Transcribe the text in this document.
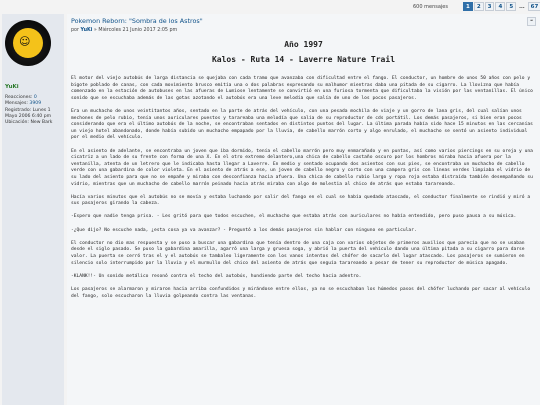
600 mensajes	1	2	3	4	5	…	67
☺
YuKi
Reacciones: 0
Mensajes: 3909
Registrado: Lunes 1 Mayo 2006 6:40 pm
Ubicación: New Bark
Pokemon Reborn: "Sombra de los Astros"	❝
por YuKi » Miércoles 21 Junio 2017 2:05 pm
Año 1997
Kalos - Ruta 14 - Laverre Nature Trail

El motor del viejo autobús de larga distancia se quejaba con cada tramo que avanzaba con dificultad entre el fango. El conductor, un hombre de unos 50 años con pelo y bigote poblado de canas, con cada movimiento brusco emitía una o dos palabras expresando su malhumor mientras daba una pitada de su cigarro. La llovizna que había comenzado en la estación de autobuses en las afueras de Lumiose lentamente se convirtió en una furiosa tormenta que dificultaba la visión por las ventanillas. El único sonido que se escuchaba además de las gotas azotando el autobús era una leve melodía que salía de uno de los pocos pasajeros.

Era un muchacho de unos veintitantos años, sentado en la parte de atrás del vehículo, con una pesada mochila de viaje y un gorro de lana gris, del cual salían unos mechones de pelo rubio, tenía unos auriculares puestos y tarareaba una melodía que salía de su reproductor de cds portátil. Los demás pasajeros, si bien eran pocos considerando que era el último autobús de la noche, se encontraban sentados en distintos puntos del lugar. La última parada había sido hace 15 minutos en las cercanías un viejo hotel abandonado, donde había subido un muchacho empapado por la lluvia, de cabello marrón corto y algo enrulado, el muchacho se sentó un asiento individual por el medio del vehículo.

En el asiento de adelante, se encontraba un joven que iba dormido, tenía el cabello marrón pero muy enmarañado y en puntas, así como varios piercings en su oreja y una cicatriz a un lado de su frente con forma de una X. En el otro extremo delantero,una chica de cabello castaño oscuro por los hombros miraba hacia afuera por la ventanilla, atenta de un letrero que le indicaba hasta llegar a Laverre. En medio y sentado ocupando dos asientos con sus pies, se encontraba un muchacho de cabello verde con una gabardina de color violeta. En el asiento de atrás a ese, un joven de cabello negro y corto con una campera gris con líneas verdes limpiaba el vidrio de su lado del asiento para que no se empañe y miraba con desconfianza hacia afuera. Una chica de cabello rubio largo y ropa roja estaba distraída también desempañando su vidrio, mientras que un muchacho de cabello marrón peinado hacia atrás miraba con algo de molestia al chico de atrás que estaba tarareando.

Hacía varios minutos que el autobús no se movía y estaba luchando por salir del fango en el cual se había quedado atascado, el conductor finalmente se rindió y miró a sus pasajeros girando la cabeza.

-Espero que nadie tenga prisa. - Les gritó para que todos escuchen, el muchacho que estaba atrás con auriculares no había entendido, pero puso pausa a su música.

-¿Que dijo? No escuche nada, ¿esta cosa ya va avanzar? - Preguntó a los demás pasajeros sin hablar con ninguno en particular.

El conductor no dio mas respuesta y se puso a buscar una gabardina que tenía dentro de una caja con varios objetos de primeros auxilios que parecía que no se usaban desde el siglo pasado. Se puso la gabardina amarilla, agarró una larga y gruesa soga, y abrió la puerta del vehículo dando una última pitada a su cigarro para darse valor. La puerta se cerró tras el y el autobús se tambaleo ligeramente con los vanos intentos del chófer de sacarlo del lugar atascado. Los pasajeros se sumieron en silencio solo interrumpido por la lluvia y el murmullo del chico del asiento de atrás que seguía tarareando a pesar de tener su reproductor de música apagado.

-KLANK!!- Un sonido metálico resonó contra el techo del autobús, hundiendo parte del techo hacia adentro.

Los pasajeros se alarmaron y miraron hacia arriba confundidos y mirándose entre ellos, ya no se escuchaban los húmedos pasos del chófer luchando por sacar al vehículo del fango, solo escucharon la lluvia golpeando contra las ventanas.
